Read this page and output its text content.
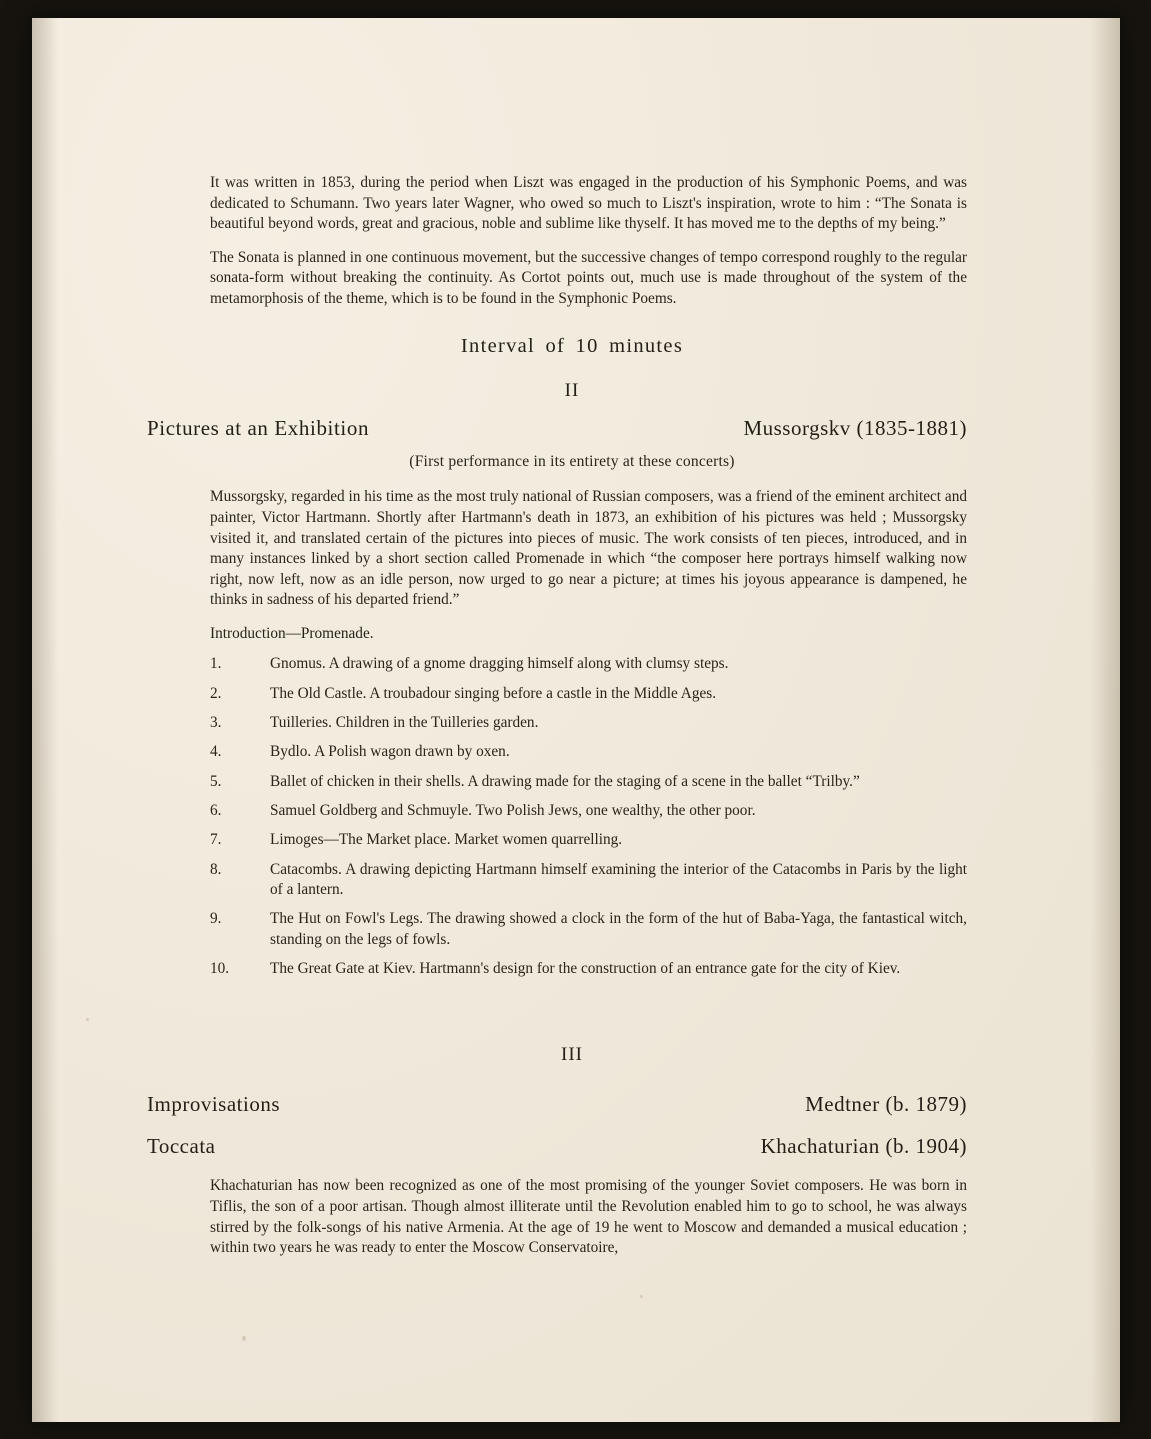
It was written in 1853, during the period when Liszt was engaged in the production of his Symphonic Poems, and was dedicated to Schumann. Two years later Wagner, who owed so much to Liszt's inspiration, wrote to him : “The Sonata is beautiful beyond words, great and gracious, noble and sublime like thyself. It has moved me to the depths of my being.”

The Sonata is planned in one continuous movement, but the successive changes of tempo correspond roughly to the regular sonata-form without breaking the continuity. As Cortot points out, much use is made throughout of the system of the metamorphosis of the theme, which is to be found in the Symphonic Poems.

Interval of 10 minutes
II
Pictures at an Exhibition	Mussorgskv (1835-1881)
(First performance in its entirety at these concerts)

Mussorgsky, regarded in his time as the most truly national of Russian composers, was a friend of the eminent architect and painter, Victor Hartmann. Shortly after Hartmann's death in 1873, an exhibition of his pictures was held ; Mussorgsky visited it, and translated certain of the pictures into pieces of music. The work consists of ten pieces, introduced, and in many instances linked by a short section called Promenade in which “the composer here portrays himself walking now right, now left, now as an idle person, now urged to go near a picture; at times his joyous appearance is dampened, he thinks in sadness of his departed friend.”

Introduction—Promenade.
1.	Gnomus. A drawing of a gnome dragging himself along with clumsy steps.
2.	The Old Castle. A troubadour singing before a castle in the Middle Ages.
3.	Tuilleries. Children in the Tuilleries garden.
4.	Bydlo. A Polish wagon drawn by oxen.
5.	Ballet of chicken in their shells. A drawing made for the staging of a scene in the ballet “Trilby.”
6.	Samuel Goldberg and Schmuyle. Two Polish Jews, one wealthy, the other poor.
7.	Limoges—The Market place. Market women quarrelling.
8.	Catacombs. A drawing depicting Hartmann himself examining the interior of the Catacombs in Paris by the light of a lantern.
9.	The Hut on Fowl's Legs. The drawing showed a clock in the form of the hut of Baba-Yaga, the fantastical witch, standing on the legs of fowls.
10.	The Great Gate at Kiev. Hartmann's design for the construction of an entrance gate for the city of Kiev.
III
Improvisations	Medtner (b. 1879)
Toccata	Khachaturian (b. 1904)

Khachaturian has now been recognized as one of the most promising of the younger Soviet composers. He was born in Tiflis, the son of a poor artisan. Though almost illiterate until the Revolution enabled him to go to school, he was always stirred by the folk-songs of his native Armenia. At the age of 19 he went to Moscow and demanded a musical education ; within two years he was ready to enter the Moscow Conservatoire,
